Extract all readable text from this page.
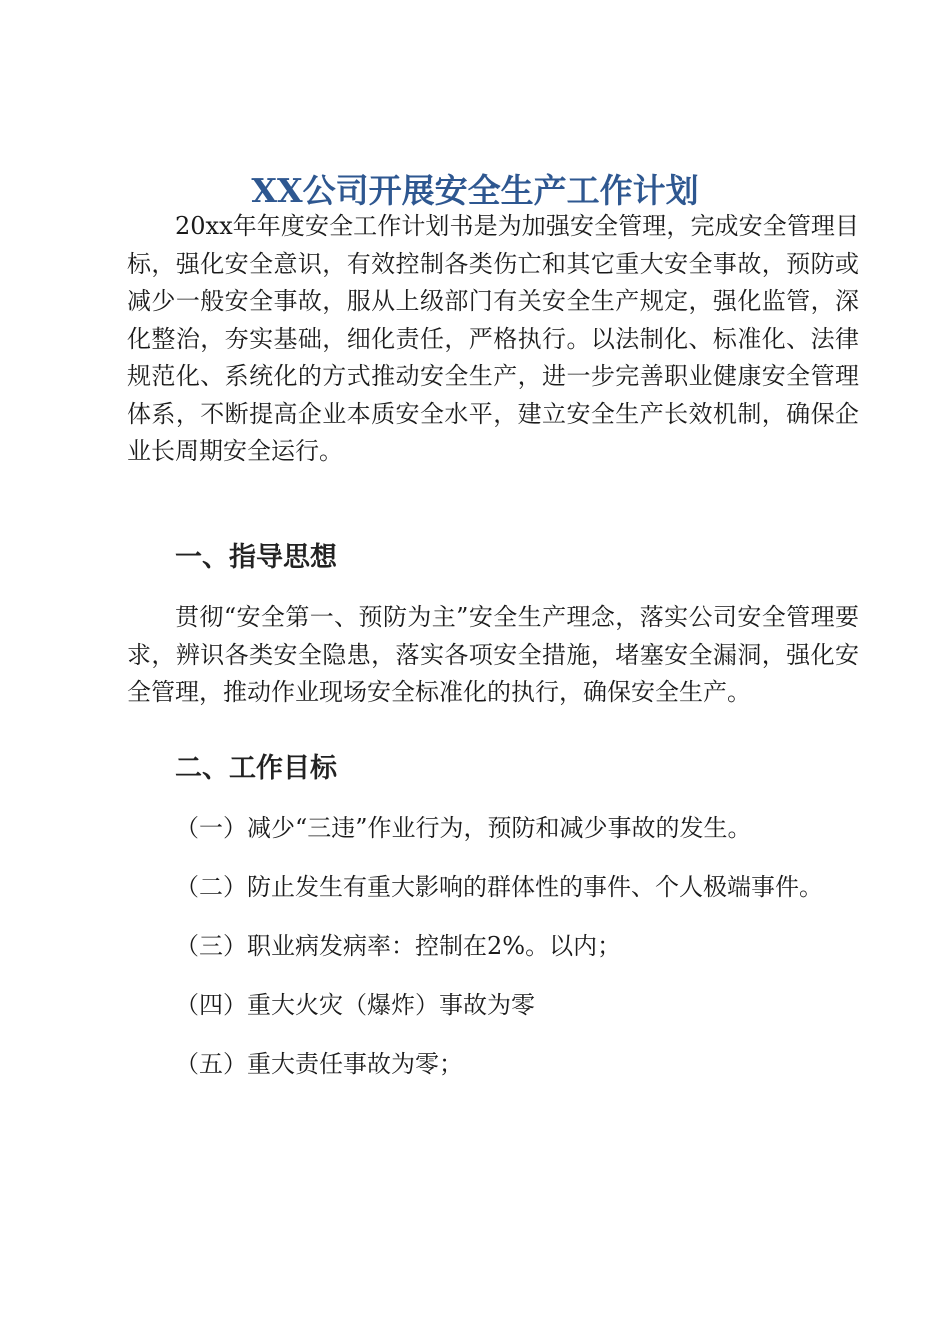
XX公司开展安全生产工作计划

20xx年年度安全工作计划书是为加强安全管理，完成安全管理目标，强化安全意识，有效控制各类伤亡和其它重大安全事故，预防或减少一般安全事故，服从上级部门有关安全生产规定，强化监管，深化整治，夯实基础，细化责任，严格执行。以法制化、标准化、法律规范化、系统化的方式推动安全生产，进一步完善职业健康安全管理体系，不断提高企业本质安全水平，建立安全生产长效机制，确保企业长周期安全运行。

一、指导思想

贯彻“安全第一、预防为主”安全生产理念，落实公司安全管理要求，辨识各类安全隐患，落实各项安全措施，堵塞安全漏洞，强化安全管理，推动作业现场安全标准化的执行，确保安全生产。

二、工作目标

（一）减少“三违”作业行为，预防和减少事故的发生。

（二）防止发生有重大影响的群体性的事件、个人极端事件。

（三）职业病发病率：控制在2%。以内；

（四）重大火灾（爆炸）事故为零

（五）重大责任事故为零；
